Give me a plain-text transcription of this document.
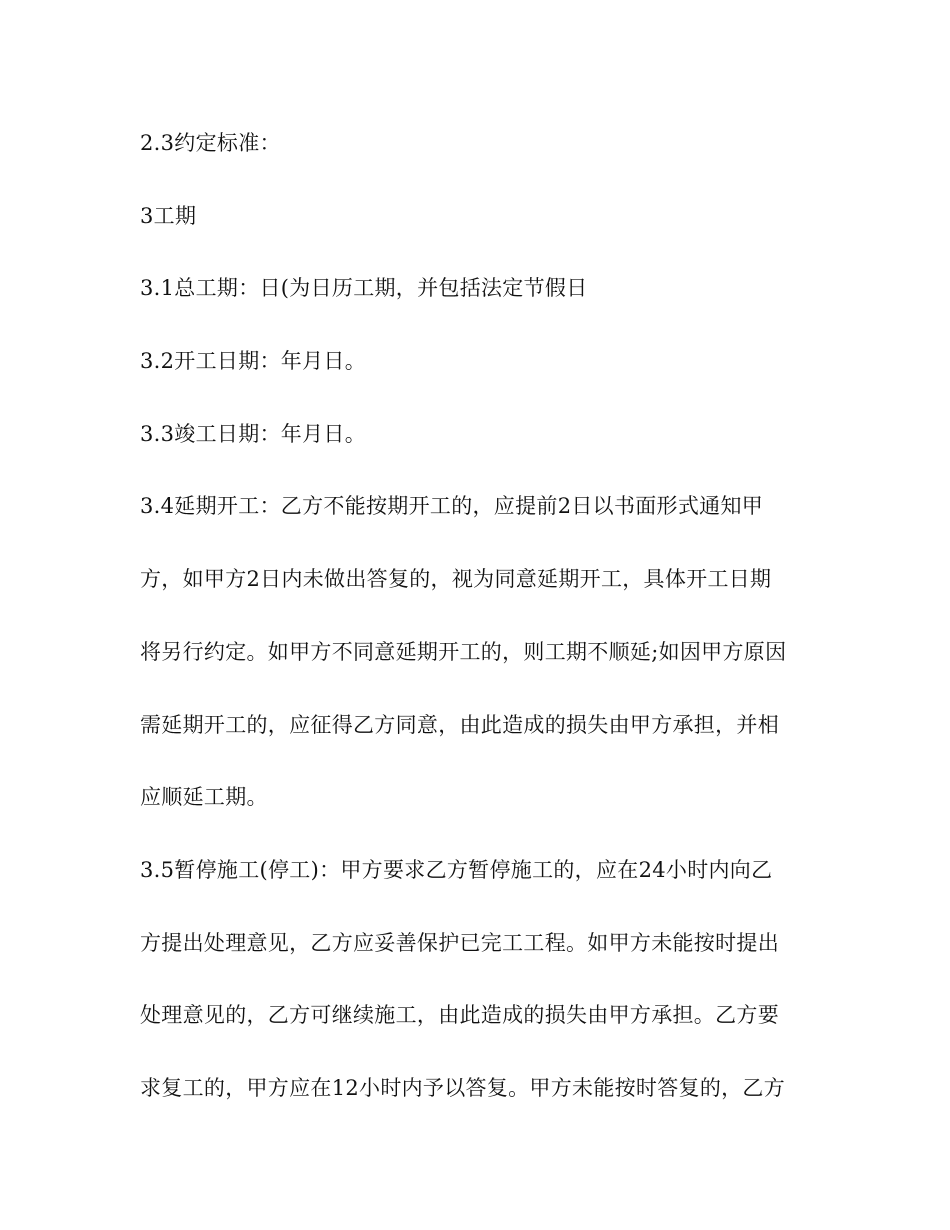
2.3约定标准：

3工期

3.1总工期：日(为日历工期，并包括法定节假日

3.2开工日期：年月日。

3.3竣工日期：年月日。

3.4延期开工：乙方不能按期开工的，应提前2日以书面形式通知甲

方，如甲方2日内未做出答复的，视为同意延期开工，具体开工日期

将另行约定。如甲方不同意延期开工的，则工期不顺延;如因甲方原因

需延期开工的，应征得乙方同意，由此造成的损失由甲方承担，并相

应顺延工期。

3.5暂停施工(停工)：甲方要求乙方暂停施工的，应在24小时内向乙

方提出处理意见，乙方应妥善保护已完工工程。如甲方未能按时提出

处理意见的，乙方可继续施工，由此造成的损失由甲方承担。乙方要

求复工的，甲方应在12小时内予以答复。甲方未能按时答复的，乙方
